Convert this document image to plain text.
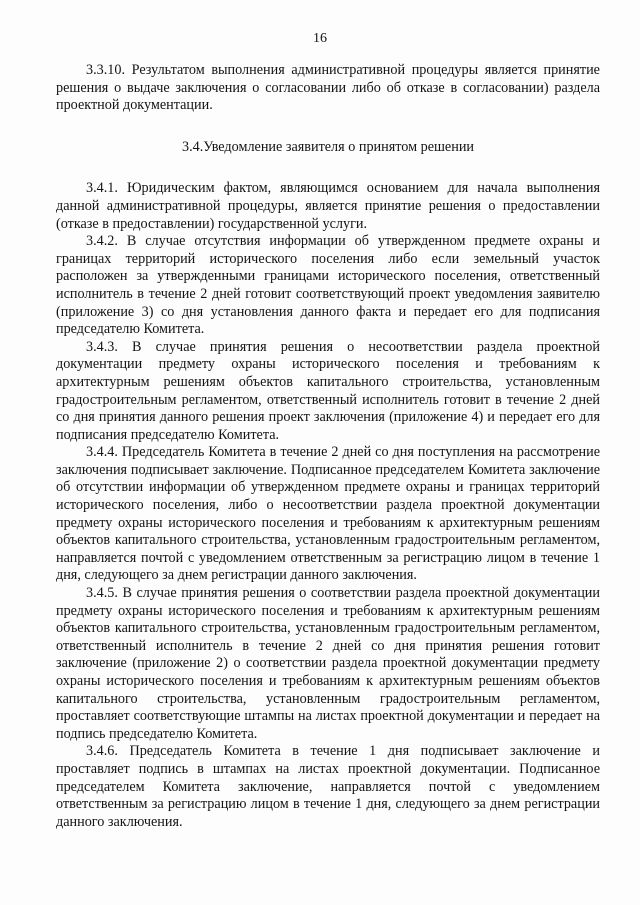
16

3.3.10. Результатом выполнения административной процедуры является принятие решения о выдаче заключения о согласовании либо об отказе в согласовании) раздела проектной документации.

3.4.Уведомление заявителя о принятом решении

3.4.1. Юридическим фактом, являющимся основанием для начала выполнения данной административной процедуры, является принятие решения о предоставлении (отказе в предоставлении) государственной услуги.

3.4.2. В случае отсутствия информации об утвержденном предмете охраны и границах территорий исторического поселения либо если земельный участок расположен за утвержденными границами исторического поселения, ответственный исполнитель в течение 2 дней готовит соответствующий проект уведомления заявителю (приложение 3) со дня установления данного факта и передает его для подписания председателю Комитета.

3.4.3. В случае принятия решения о несоответствии раздела проектной документации предмету охраны исторического поселения и требованиям к архитектурным решениям объектов капитального строительства, установленным градостроительным регламентом, ответственный исполнитель готовит в течение 2 дней со дня принятия данного решения проект заключения (приложение 4) и передает его для подписания председателю Комитета.

3.4.4. Председатель Комитета в течение 2 дней со дня поступления на рассмотрение заключения подписывает заключение. Подписанное председателем Комитета заключение об отсутствии информации об утвержденном предмете охраны и границах территорий исторического поселения, либо о несоответствии раздела проектной документации предмету охраны исторического поселения и требованиям к архитектурным решениям объектов капитального строительства, установленным градостроительным регламентом, направляется почтой с уведомлением ответственным за регистрацию лицом в течение 1 дня, следующего за днем регистрации данного заключения.

3.4.5. В случае принятия решения о соответствии раздела проектной документации предмету охраны исторического поселения и требованиям к архитектурным решениям объектов капитального строительства, установленным градостроительным регламентом, ответственный исполнитель в течение 2 дней со дня принятия решения готовит заключение (приложение 2) о соответствии раздела проектной документации предмету охраны исторического поселения и требованиям к архитектурным решениям объектов капитального строительства, установленным градостроительным регламентом, проставляет соответствующие штампы на листах проектной документации и передает на подпись председателю Комитета.

3.4.6. Председатель Комитета в течение 1 дня подписывает заключение и проставляет подпись в штампах на листах проектной документации. Подписанное председателем Комитета заключение, направляется почтой с уведомлением ответственным за регистрацию лицом в течение 1 дня, следующего за днем регистрации данного заключения.
